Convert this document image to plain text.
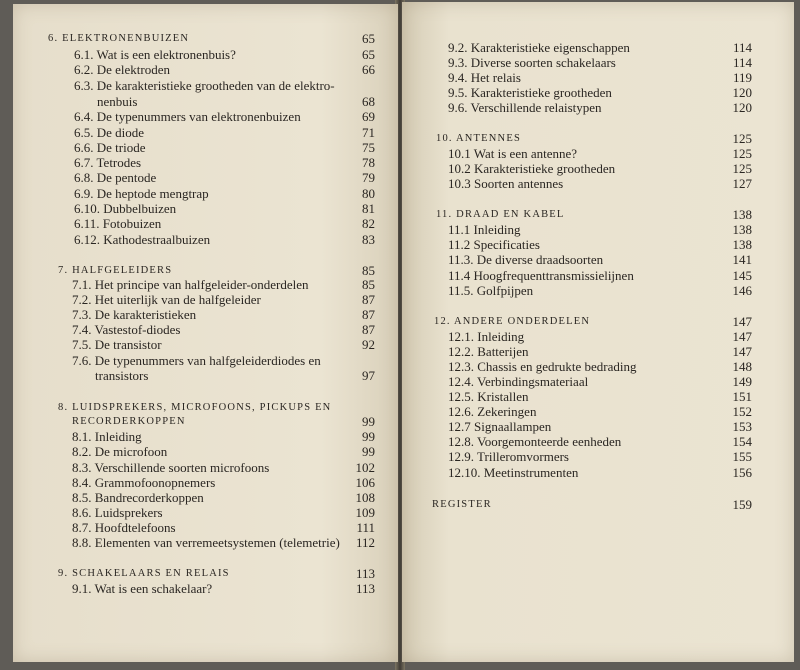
6. ELEKTRONENBUIZEN	65
6.1. Wat is een elektronenbuis?	65
6.2. De elektroden	66
6.3. De karakteristieke grootheden van de elektro-
nenbuis	68
6.4. De typenummers van elektronenbuizen	69
6.5. De diode	71
6.6. De triode	75
6.7. Tetrodes	78
6.8. De pentode	79
6.9. De heptode mengtrap	80
6.10. Dubbelbuizen	81
6.11. Fotobuizen	82
6.12. Kathodestraalbuizen	83
7. HALFGELEIDERS	85
7.1. Het principe van halfgeleider-onderdelen	85
7.2. Het uiterlijk van de halfgeleider	87
7.3. De karakteristieken	87
7.4. Vastestof-diodes	87
7.5. De transistor	92
7.6. De typenummers van halfgeleiderdiodes en
transistors	97
8. LUIDSPREKERS, MICROFOONS, PICKUPS EN
RECORDERKOPPEN	99
8.1. Inleiding	99
8.2. De microfoon	99
8.3. Verschillende soorten microfoons	102
8.4. Grammofoonopnemers	106
8.5. Bandrecorderkoppen	108
8.6. Luidsprekers	109
8.7. Hoofdtelefoons	111
8.8. Elementen van verremeetsystemen (telemetrie)	112
9. SCHAKELAARS EN RELAIS	113
9.1. Wat is een schakelaar?	113
9.2. Karakteristieke eigenschappen	114
9.3. Diverse soorten schakelaars	114
9.4. Het relais	119
9.5. Karakteristieke grootheden	120
9.6. Verschillende relaistypen	120
10. ANTENNES	125
10.1 Wat is een antenne?	125
10.2 Karakteristieke grootheden	125
10.3 Soorten antennes	127
11. DRAAD EN KABEL	138
11.1 Inleiding	138
11.2 Specificaties	138
11.3. De diverse draadsoorten	141
11.4 Hoogfrequenttransmissielijnen	145
11.5. Golfpijpen	146
12. ANDERE ONDERDELEN	147
12.1. Inleiding	147
12.2. Batterijen	147
12.3. Chassis en gedrukte bedrading	148
12.4. Verbindingsmateriaal	149
12.5. Kristallen	151
12.6. Zekeringen	152
12.7 Signaallampen	153
12.8. Voorgemonteerde eenheden	154
12.9. Trilleromvormers	155
12.10. Meetinstrumenten	156
REGISTER	159
